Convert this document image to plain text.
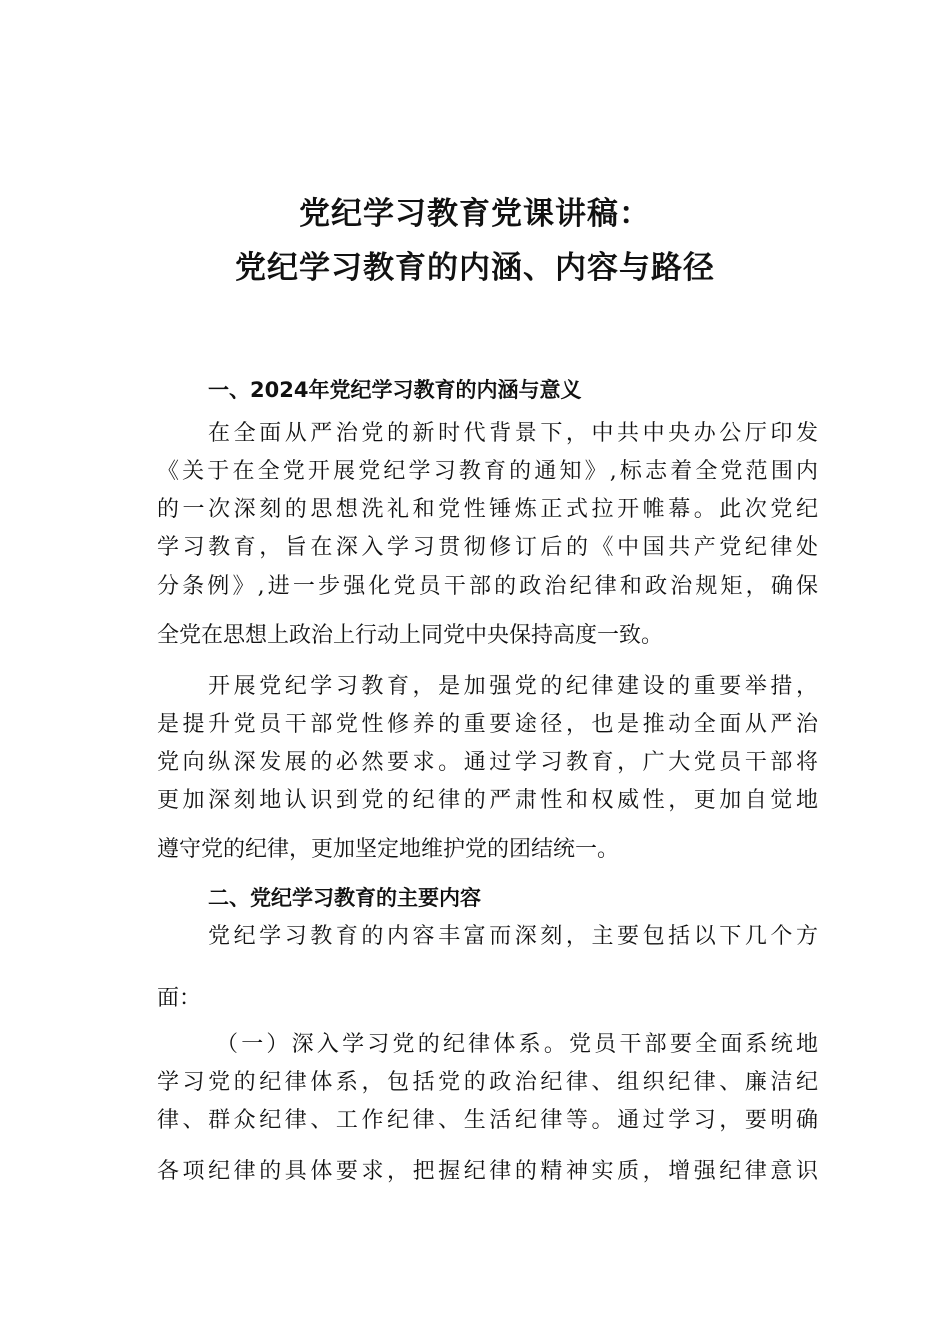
党纪学习教育党课讲稿：
党纪学习教育的内涵、内容与路径
一、2024年党纪学习教育的内涵与意义
在全面从严治党的新时代背景下，中共中央办公厅印发
《关于在全党开展党纪学习教育的通知》,标志着全党范围内
的一次深刻的思想洗礼和党性锤炼正式拉开帷幕。此次党纪
学习教育，旨在深入学习贯彻修订后的《中国共产党纪律处
分条例》,进一步强化党员干部的政治纪律和政治规矩，确保
全党在思想上政治上行动上同党中央保持高度一致。
开展党纪学习教育，是加强党的纪律建设的重要举措，
是提升党员干部党性修养的重要途径，也是推动全面从严治
党向纵深发展的必然要求。通过学习教育，广大党员干部将
更加深刻地认识到党的纪律的严肃性和权威性，更加自觉地
遵守党的纪律，更加坚定地维护党的团结统一。
二、党纪学习教育的主要内容
党纪学习教育的内容丰富而深刻，主要包括以下几个方
面：
（一）深入学习党的纪律体系。党员干部要全面系统地
学习党的纪律体系，包括党的政治纪律、组织纪律、廉洁纪
律、群众纪律、工作纪律、生活纪律等。通过学习，要明确
各项纪律的具体要求，把握纪律的精神实质，增强纪律意识
